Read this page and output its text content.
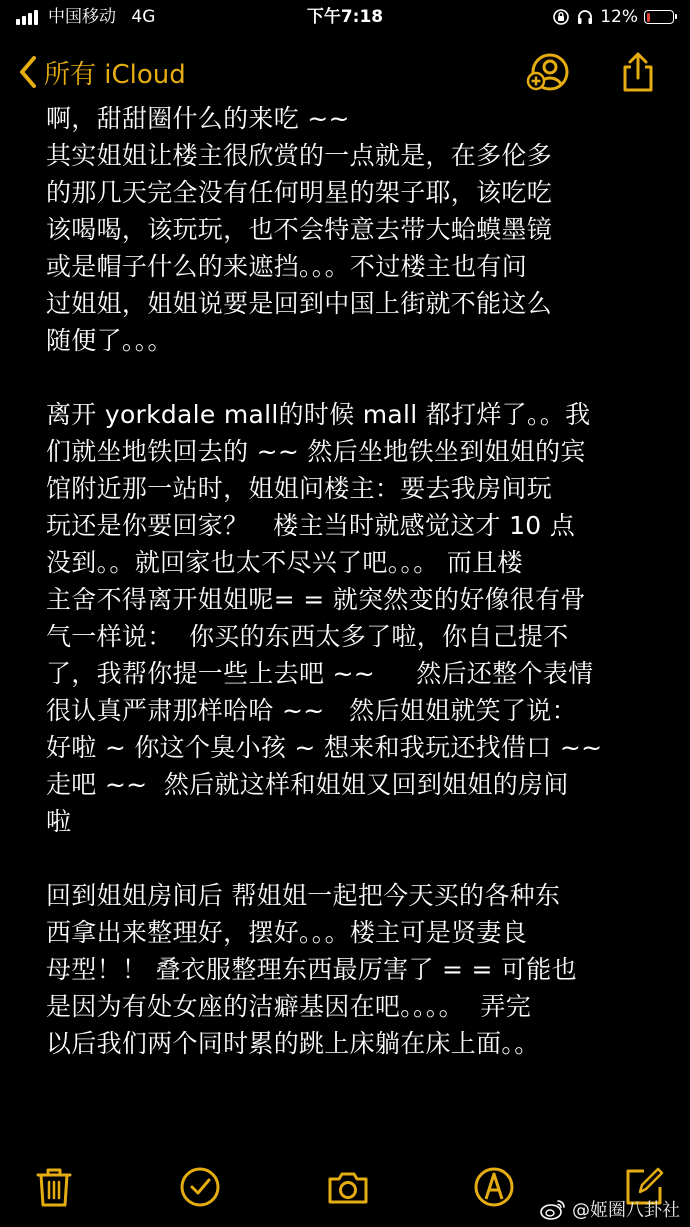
中国移动 4G	下午7:18	12%
所有 iCloud
啊，甜甜圈什么的来吃 ~~
其实姐姐让楼主很欣赏的一点就是，在多伦多
的那几天完全没有任何明星的架子耶，该吃吃
该喝喝，该玩玩，也不会特意去带大蛤蟆墨镜
或是帽子什么的来遮挡。。。不过楼主也有问
过姐姐，姐姐说要是回到中国上街就不能这么
随便了。。。
离开 yorkdale mall的时候 mall 都打烊了。。我
们就坐地铁回去的 ~~ 然后坐地铁坐到姐姐的宾
馆附近那一站时，姐姐问楼主：要去我房间玩
玩还是你要回家？   楼主当时就感觉这才 10 点
没到。。就回家也太不尽兴了吧。。。 而且楼
主舍不得离开姐姐呢= = 就突然变的好像很有骨
气一样说：  你买的东西太多了啦，你自己提不
了，我帮你提一些上去吧 ~~     然后还整个表情
很认真严肃那样哈哈 ~~   然后姐姐就笑了说：
好啦 ~ 你这个臭小孩 ~ 想来和我玩还找借口 ~~
走吧 ~~  然后就这样和姐姐又回到姐姐的房间
啦
回到姐姐房间后 帮姐姐一起把今天买的各种东
西拿出来整理好，摆好。。。楼主可是贤妻良
母型！！ 叠衣服整理东西最厉害了 = = 可能也
是因为有处女座的洁癖基因在吧。。。。  弄完
以后我们两个同时累的跳上床躺在床上面。。
@姬圈八卦社
